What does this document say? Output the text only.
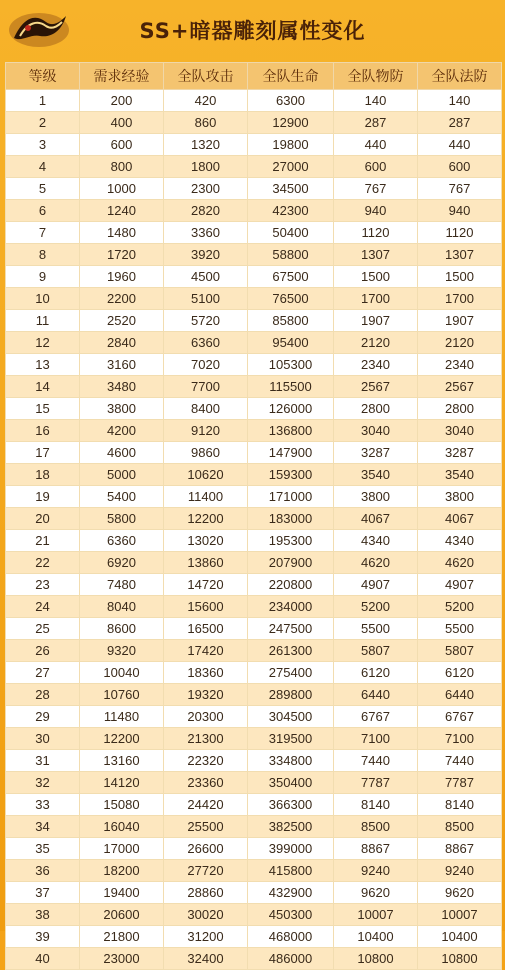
SS+暗器雕刻属性变化
等级	需求经验	全队攻击	全队生命	全队物防	全队法防
1	200	420	6300	140	140
2	400	860	12900	287	287
3	600	1320	19800	440	440
4	800	1800	27000	600	600
5	1000	2300	34500	767	767
6	1240	2820	42300	940	940
7	1480	3360	50400	1120	1120
8	1720	3920	58800	1307	1307
9	1960	4500	67500	1500	1500
10	2200	5100	76500	1700	1700
11	2520	5720	85800	1907	1907
12	2840	6360	95400	2120	2120
13	3160	7020	105300	2340	2340
14	3480	7700	115500	2567	2567
15	3800	8400	126000	2800	2800
16	4200	9120	136800	3040	3040
17	4600	9860	147900	3287	3287
18	5000	10620	159300	3540	3540
19	5400	11400	171000	3800	3800
20	5800	12200	183000	4067	4067
21	6360	13020	195300	4340	4340
22	6920	13860	207900	4620	4620
23	7480	14720	220800	4907	4907
24	8040	15600	234000	5200	5200
25	8600	16500	247500	5500	5500
26	9320	17420	261300	5807	5807
27	10040	18360	275400	6120	6120
28	10760	19320	289800	6440	6440
29	11480	20300	304500	6767	6767
30	12200	21300	319500	7100	7100
31	13160	22320	334800	7440	7440
32	14120	23360	350400	7787	7787
33	15080	24420	366300	8140	8140
34	16040	25500	382500	8500	8500
35	17000	26600	399000	8867	8867
36	18200	27720	415800	9240	9240
37	19400	28860	432900	9620	9620
38	20600	30020	450300	10007	10007
39	21800	31200	468000	10400	10400
40	23000	32400	486000	10800	10800
